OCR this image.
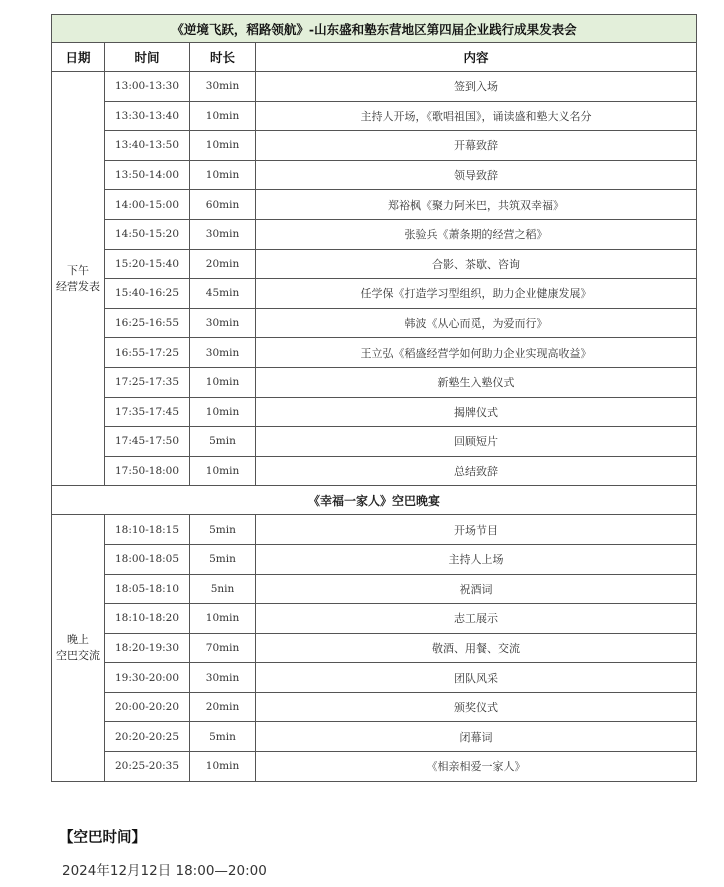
《逆境飞跃，稻路领航》-山东盛和塾东营地区第四届企业践行成果发表会			
日期	时间	时长	内容

下午
经营发表	13:00-13:30	30min	签到入场
	13:30-13:40	10min	主持人开场，《歌唱祖国》，诵读盛和塾大义名分
	13:40-13:50	10min	开幕致辞
	13:50-14:00	10min	领导致辞
	14:00-15:00	60min	郑裕枫《聚力阿米巴，共筑双幸福》
	14:50-15:20	30min	张验兵《萧条期的经营之稻》
	15:20-15:40	20min	合影、茶歇、咨询
	15:40-16:25	45min	任学保《打造学习型组织，助力企业健康发展》
	16:25-16:55	30min	韩波《从心而觅，为爱而行》
	16:55-17:25	30min	王立弘《稻盛经营学如何助力企业实现高收益》
	17:25-17:35	10min	新塾生入塾仪式
	17:35-17:45	10min	揭牌仪式
	17:45-17:50	5min	回顾短片
	17:50-18:00	10min	总结致辞
《幸福一家人》空巴晚宴			

晚上
空巴交流	18:10-18:15	5min	开场节目
	18:00-18:05	5min	主持人上场
	18:05-18:10	5nin	祝酒词
	18:10-18:20	10min	志工展示
	18:20-19:30	70min	敬酒、用餐、交流
	19:30-20:00	30min	团队风采
	20:00-20:20	20min	颁奖仪式
	20:20-20:25	5min	闭幕词
	20:25-20:35	10min	《相亲相爱一家人》
【空巴时间】
2024年12月12日 18:00—20:00
